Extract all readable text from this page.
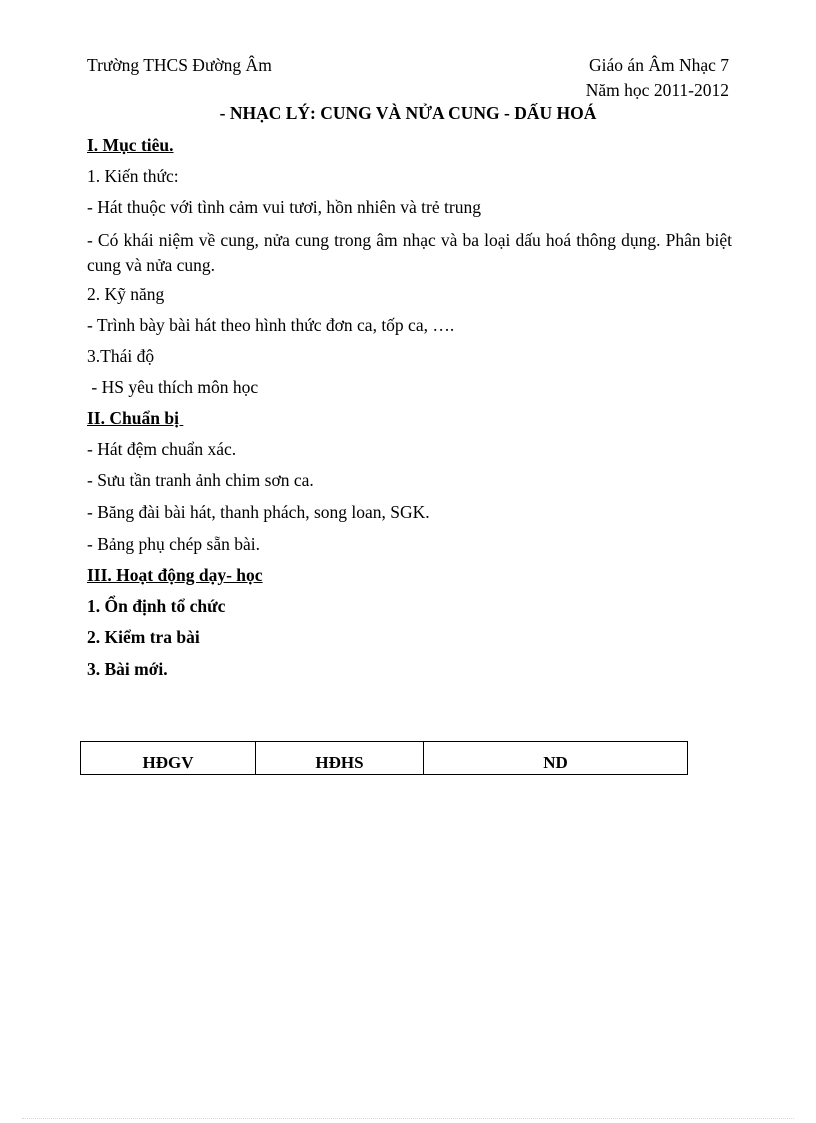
Trường THCS Đường Âm	Giáo án Âm Nhạc 7
Năm học 2011-2012
- NHẠC LÝ: CUNG VÀ NỬA CUNG - DẤU HOÁ
I. Mục tiêu.
1. Kiến thức:
- Hát thuộc với tình cảm vui tươi, hồn nhiên và trẻ trung
- Có khái niệm về cung, nửa cung trong âm nhạc và ba loại dấu hoá thông dụng. Phân biệt cung và nửa cung.
2. Kỹ năng
- Trình bày bài hát theo hình thức đơn ca, tốp ca, ….
3.Thái độ
- HS yêu thích môn học
II. Chuẩn bị
- Hát đệm chuẩn xác.
- Sưu tần tranh ảnh chim sơn ca.
- Băng đài bài hát, thanh phách, song loan, SGK.
- Bảng phụ chép sẵn bài.
III. Hoạt động dạy- học
1. Ổn định tổ chức
2. Kiểm tra bài
3. Bài mới.
HĐGV	HĐHS	ND
